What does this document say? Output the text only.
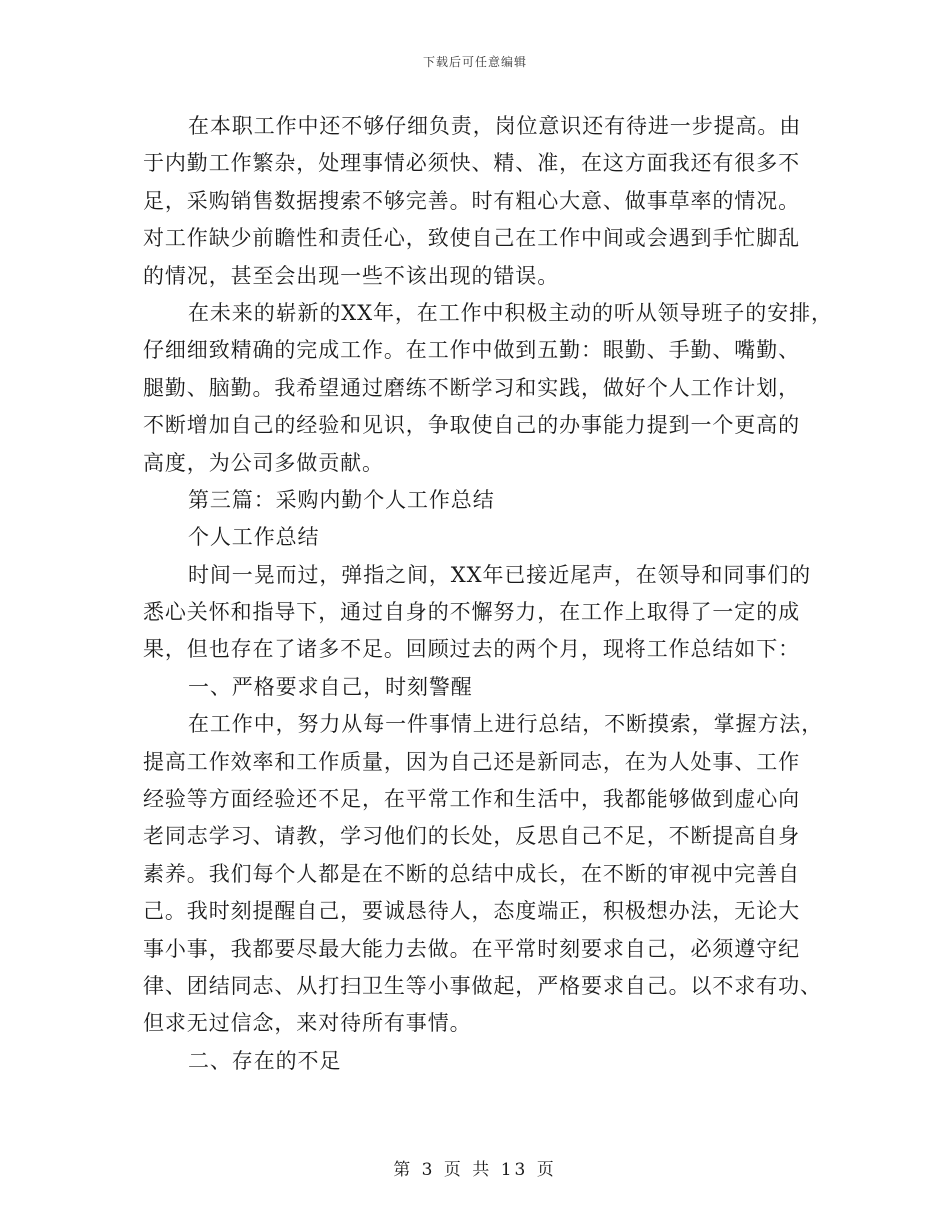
下载后可任意编辑
在本职工作中还不够仔细负责，岗位意识还有待进一步提高。由
于内勤工作繁杂，处理事情必须快、精、准，在这方面我还有很多不
足，采购销售数据搜索不够完善。时有粗心大意、做事草率的情况。
对工作缺少前瞻性和责任心，致使自己在工作中间或会遇到手忙脚乱
的情况，甚至会出现一些不该出现的错误。
在未来的崭新的XX年，在工作中积极主动的听从领导班子的安排，
仔细细致精确的完成工作。在工作中做到五勤：眼勤、手勤、嘴勤、
腿勤、脑勤。我希望通过磨练不断学习和实践，做好个人工作计划，
不断增加自己的经验和见识，争取使自己的办事能力提到一个更高的
高度，为公司多做贡献。
第三篇：采购内勤个人工作总结
个人工作总结
时间一晃而过，弹指之间，XX年已接近尾声，在领导和同事们的
悉心关怀和指导下，通过自身的不懈努力，在工作上取得了一定的成
果，但也存在了诸多不足。回顾过去的两个月，现将工作总结如下：
一、严格要求自己，时刻警醒
在工作中，努力从每一件事情上进行总结，不断摸索，掌握方法，
提高工作效率和工作质量，因为自己还是新同志，在为人处事、工作
经验等方面经验还不足，在平常工作和生活中，我都能够做到虚心向
老同志学习、请教，学习他们的长处，反思自己不足，不断提高自身
素养。我们每个人都是在不断的总结中成长，在不断的审视中完善自
己。我时刻提醒自己，要诚恳待人，态度端正，积极想办法，无论大
事小事，我都要尽最大能力去做。在平常时刻要求自己，必须遵守纪
律、团结同志、从打扫卫生等小事做起，严格要求自己。以不求有功、
但求无过信念，来对待所有事情。
二、存在的不足
第 3 页 共 13 页
